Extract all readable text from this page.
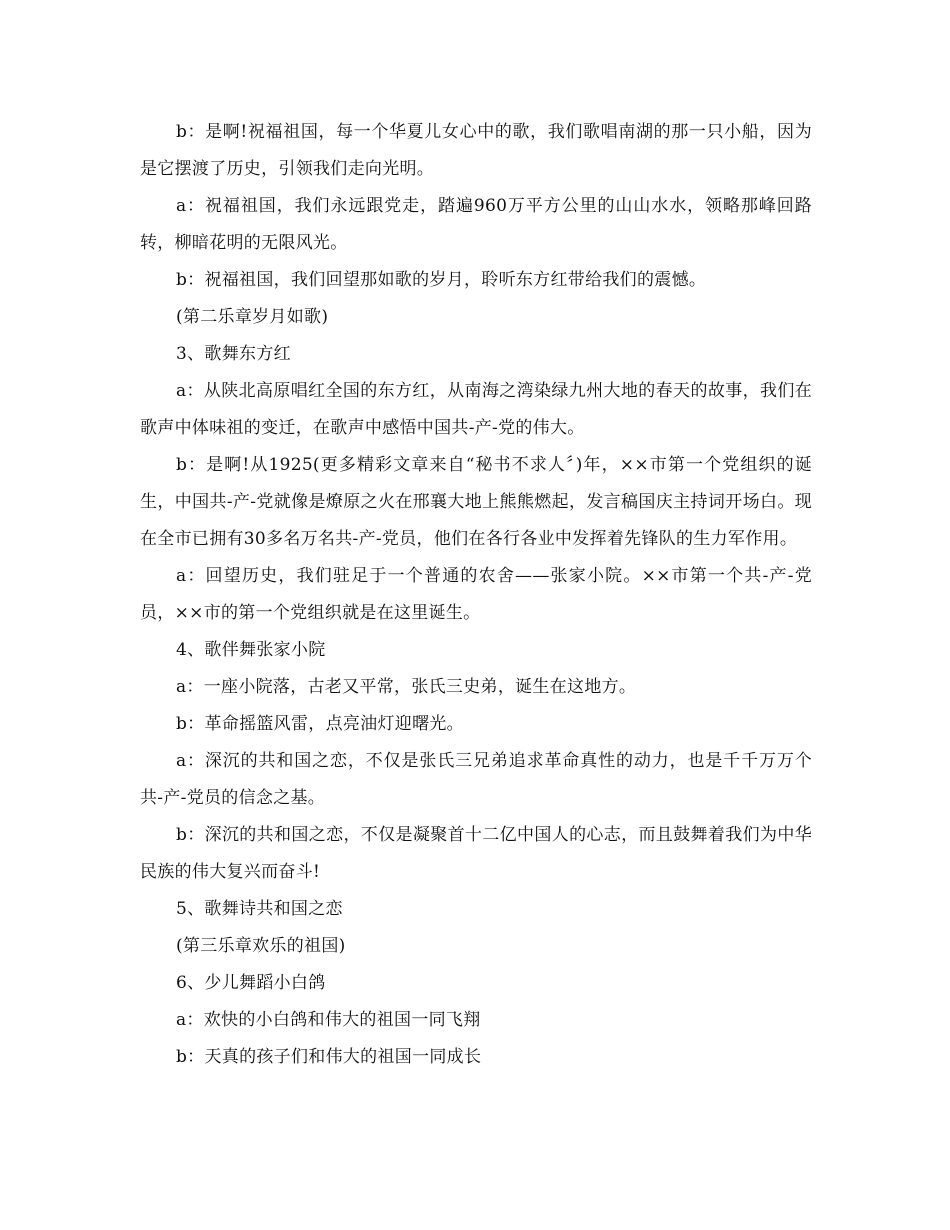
b：是啊!祝福祖国，每一个华夏儿女心中的歌，我们歌唱南湖的那一只小船，因为是它摆渡了历史，引领我们走向光明。

a：祝福祖国，我们永远跟党走，踏遍960万平方公里的山山水水，领略那峰回路转，柳暗花明的无限风光。

b：祝福祖国，我们回望那如歌的岁月，聆听东方红带给我们的震憾。

(第二乐章岁月如歌)

3、歌舞东方红

a：从陕北高原唱红全国的东方红，从南海之湾染绿九州大地的春天的故事，我们在歌声中体味祖的变迁，在歌声中感悟中国共-产-党的伟大。

b：是啊!从1925(更多精彩文章来自“秘书不求人〞)年，××市第一个党组织的诞生，中国共-产-党就像是燎原之火在邢襄大地上熊熊燃起，发言稿国庆主持词开场白。现在全市已拥有30多名万名共-产-党员，他们在各行各业中发挥着先锋队的生力军作用。

a：回望历史，我们驻足于一个普通的农舍——张家小院。××市第一个共-产-党员，××市的第一个党组织就是在这里诞生。

4、歌伴舞张家小院

a：一座小院落，古老又平常，张氏三史弟，诞生在这地方。

b：革命摇篮风雷，点亮油灯迎曙光。

a：深沉的共和国之恋，不仅是张氏三兄弟追求革命真性的动力，也是千千万万个共-产-党员的信念之基。

b：深沉的共和国之恋，不仅是凝聚首十二亿中国人的心志，而且鼓舞着我们为中华民族的伟大复兴而奋斗!

5、歌舞诗共和国之恋

(第三乐章欢乐的祖国)

6、少儿舞蹈小白鸽

a：欢快的小白鸽和伟大的祖国一同飞翔

b：天真的孩子们和伟大的祖国一同成长
